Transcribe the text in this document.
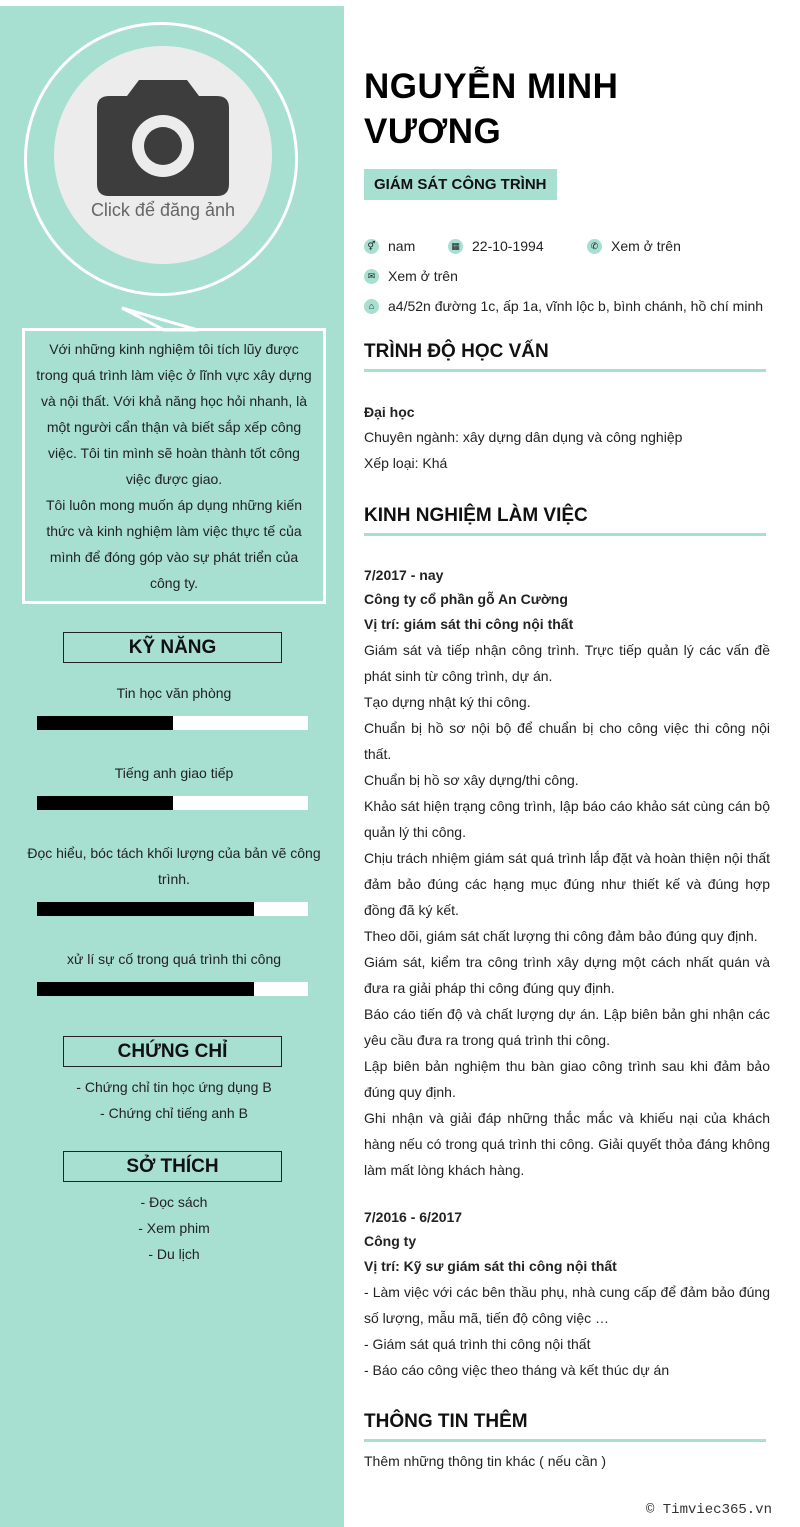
Click để đăng ảnh

Với những kinh nghiệm tôi tích lũy được trong quá trình làm việc ở lĩnh vực xây dựng và nội thất. Với khả năng học hỏi nhanh, là một người cẩn thận và biết sắp xếp công việc. Tôi tin mình sẽ hoàn thành tốt công việc được giao.

Tôi luôn mong muốn áp dụng những kiến thức và kinh nghiệm làm việc thực tế của mình để đóng góp vào sự phát triển của công ty.

KỸ NĂNG
Tin học văn phòng
Tiếng anh giao tiếp
Đọc hiểu, bóc tách khối lượng của bản vẽ công trình.
xử lí sự cố trong quá trình thi công
CHỨNG CHỈ
- Chứng chỉ tin học ứng dụng B
- Chứng chỉ tiếng anh B
SỞ THÍCH
- Đọc sách
- Xem phim
- Du lịch
NGUYỄN MINH
VƯƠNG
GIÁM SÁT CÔNG TRÌNH
⚥ nam	▦ 22-10-1994	✆ Xem ở trên
✉ Xem ở trên
⌂ a4/52n đường 1c, ấp 1a, vĩnh lộc b, bình chánh, hồ chí minh
TRÌNH ĐỘ HỌC VẤN
Đại học
Chuyên ngành: xây dựng dân dụng và công nghiệp
Xếp loại: Khá
KINH NGHIỆM LÀM VIỆC
7/2017 - nay
Công ty cổ phần gỗ An Cường
Vị trí: giám sát thi công nội thất
Giám sát và tiếp nhận công trình. Trực tiếp quản lý các vấn đề phát sinh từ công trình, dự án.
Tạo dựng nhật ký thi công.
Chuẩn bị hồ sơ nội bộ để chuẩn bị cho công việc thi công nội thất.
Chuẩn bị hồ sơ xây dựng/thi công.
Khảo sát hiện trạng công trình, lập báo cáo khảo sát cùng cán bộ quản lý thi công.
Chịu trách nhiệm giám sát quá trình lắp đặt và hoàn thiện nội thất đảm bảo đúng các hạng mục đúng như thiết kế và đúng hợp đồng đã ký kết.
Theo dõi, giám sát chất lượng thi công đảm bảo đúng quy định.
Giám sát, kiểm tra công trình xây dựng một cách nhất quán và đưa ra giải pháp thi công đúng quy định.
Báo cáo tiến độ và chất lượng dự án. Lập biên bản ghi nhận các yêu cầu đưa ra trong quá trình thi công.
Lập biên bản nghiệm thu bàn giao công trình sau khi đảm bảo đúng quy định.
Ghi nhận và giải đáp những thắc mắc và khiếu nại của khách hàng nếu có trong quá trình thi công. Giải quyết thỏa đáng không làm mất lòng khách hàng.
7/2016 - 6/2017
Công ty
Vị trí: Kỹ sư giám sát thi công nội thất
- Làm việc với các bên thầu phụ, nhà cung cấp để đảm bảo đúng số lượng, mẫu mã, tiến độ công việc …
- Giám sát quá trình thi công nội thất
- Báo cáo công việc theo tháng và kết thúc dự án
THÔNG TIN THÊM
Thêm những thông tin khác ( nếu cần )
© Timviec365.vn
